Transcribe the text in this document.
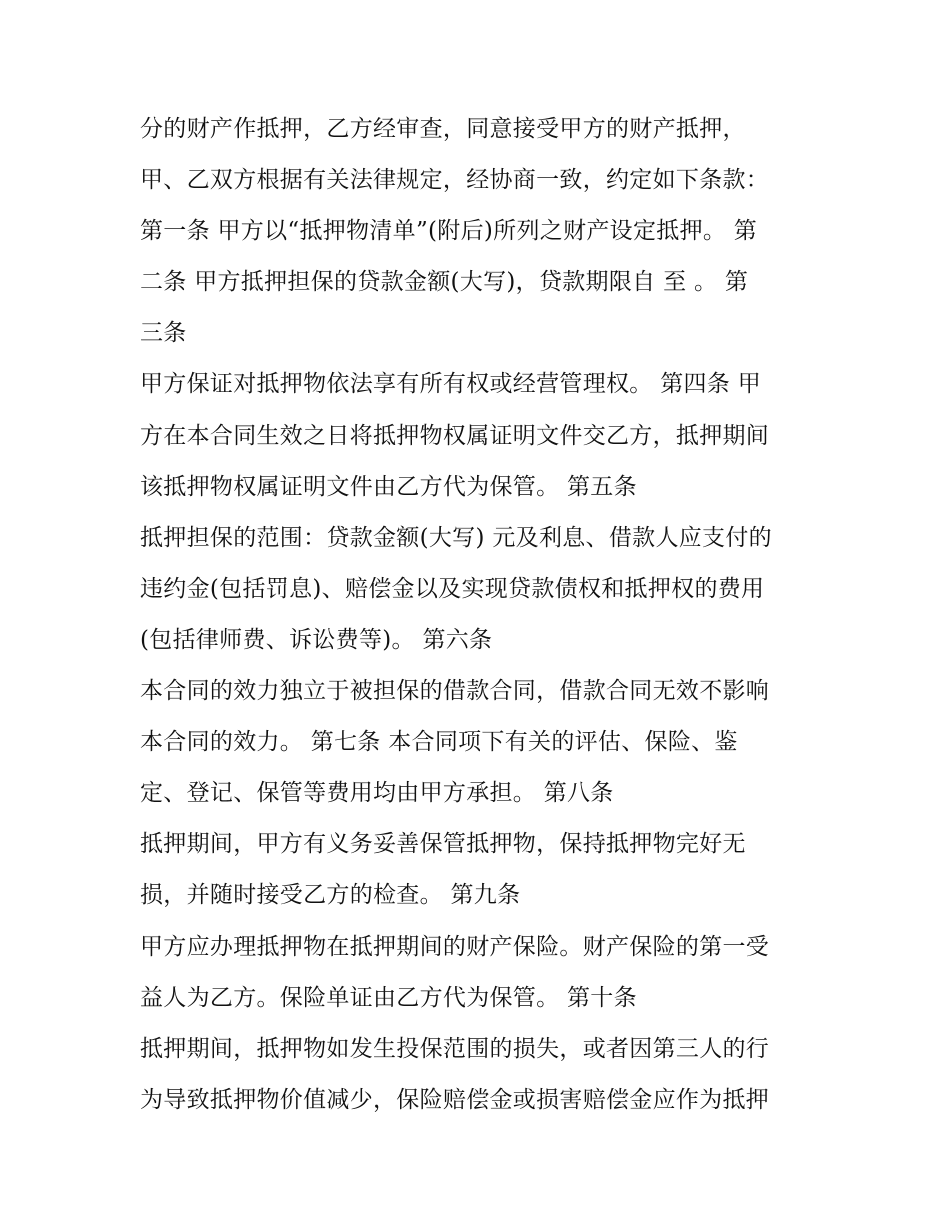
分的财产作抵押，乙方经审查，同意接受甲方的财产抵押，
甲、乙双方根据有关法律规定，经协商一致，约定如下条款：
第一条 甲方以“抵押物清单”(附后)所列之财产设定抵押。 第
二条 甲方抵押担保的贷款金额(大写)，贷款期限自 至 。 第
三条
甲方保证对抵押物依法享有所有权或经营管理权。 第四条 甲
方在本合同生效之日将抵押物权属证明文件交乙方，抵押期间
该抵押物权属证明文件由乙方代为保管。 第五条
抵押担保的范围：贷款金额(大写) 元及利息、借款人应支付的
违约金(包括罚息)、赔偿金以及实现贷款债权和抵押权的费用
(包括律师费、诉讼费等)。 第六条
本合同的效力独立于被担保的借款合同，借款合同无效不影响
本合同的效力。 第七条 本合同项下有关的评估、保险、鉴
定、登记、保管等费用均由甲方承担。 第八条
抵押期间，甲方有义务妥善保管抵押物，保持抵押物完好无
损，并随时接受乙方的检查。 第九条
甲方应办理抵押物在抵押期间的财产保险。财产保险的第一受
益人为乙方。保险单证由乙方代为保管。 第十条
抵押期间，抵押物如发生投保范围的损失，或者因第三人的行
为导致抵押物价值减少，保险赔偿金或损害赔偿金应作为抵押
